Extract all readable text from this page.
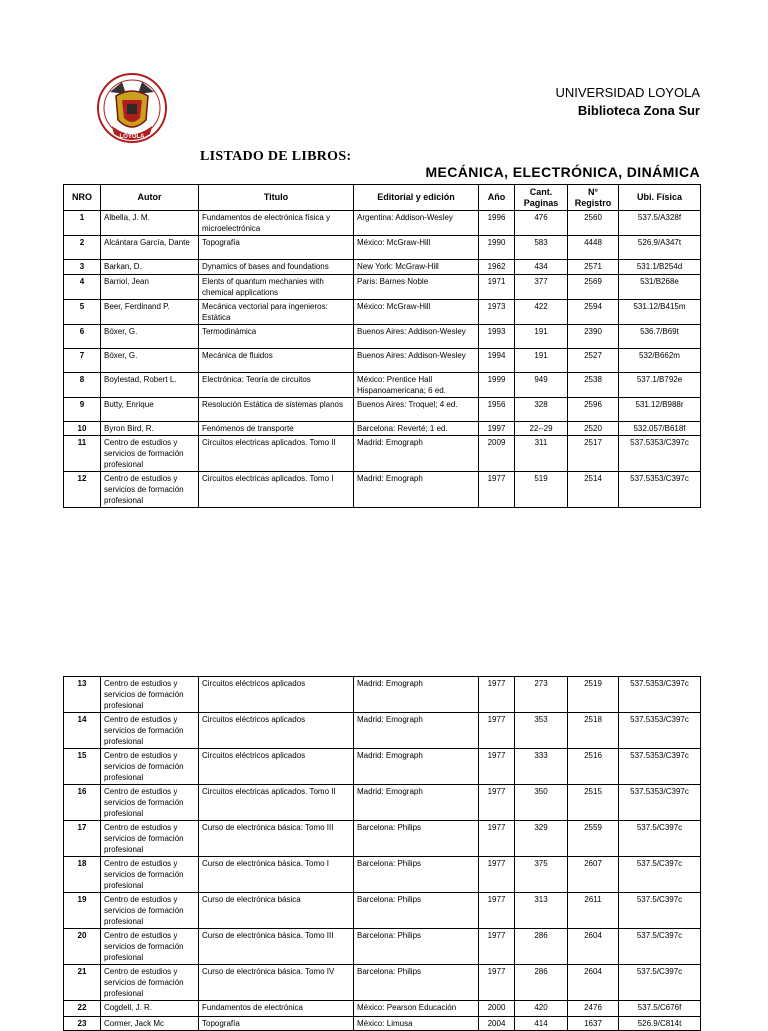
LOYOLA
UNIVERSIDAD LOYOLA
Biblioteca Zona Sur
LISTADO DE LIBROS:
MECÁNICA, ELECTRÓNICA, DINÁMICA
NRO	Autor	Titulo	Editorial y edición	Año	Cant. Paginas	N° Registro	Ubi. Física
1	Albella, J. M.	Fundamentos de electrónica física y microelectrónica	Argentina: Addison-Wesley	1996	476	2560	537.5/A328f
2	Alcántara García, Dante	Topografía	México: McGraw-Hill	1990	583	4448	526.9/A347t
3	Barkan, D.	Dynamics of bases and foundations	New York: McGraw-Hill	1962	434	2571	531.1/B254d
4	Barriol, Jean	Elents of quantum mechanies with chemical applications	Paris: Barnes Noble	1971	377	2569	531/B268e
5	Beer, Ferdinand P.	Mecánica vectorial para ingenieros: Estática	México: McGraw-Hill	1973	422	2594	531.12/B415m
6	Bóxer, G.	Termodinámica	Buenos Aires: Addison-Wesley	1993	191	2390	536.7/B69t
7	Bóxer, G.	Mecánica de fluidos	Buenos Aires: Addison-Wesley	1994	191	2527	532/B662m
8	Boylestad, Robert L.	Electrónica: Teoría de circuitos	México: Prentice Hall Hispanoamericana; 6 ed.	1999	949	2538	537.1/B792e
9	Butty, Enrique	Resolución Estática de sistemas planos	Buenos Aires: Troquel; 4 ed.	1956	328	2596	531.12/B988r
10	Byron Bird, R.	Fenómenos de transporte	Barcelona: Reverté; 1 ed.	1997	22--29	2520	532.057/B618f
11	Centro de estudios y servicios de formación profesional	Circuitos electricas aplicados. Tomo II	Madrid: Emograph	2009	311	2517	537.5353/C397c
12	Centro de estudios y servicios de formación profesional	Circuitos electricas aplicados. Tomo I	Madrid: Emograph	1977	519	2514	537.5353/C397c
13	Centro de estudios y servicios de formación profesional	Circuitos eléctricos aplicados	Madrid: Emograph	1977	273	2519	537.5353/C397c
14	Centro de estudios y servicios de formación profesional	Circuitos eléctricos aplicados	Madrid: Emograph	1977	353	2518	537.5353/C397c
15	Centro de estudios y servicios de formación profesional	Circuitos eléctricos aplicados	Madrid: Emograph	1977	333	2516	537.5353/C397c
16	Centro de estudios y servicios de formación profesional	Circuitos electricas aplicados. Tomo II	Madrid: Emograph	1977	350	2515	537.5353/C397c
17	Centro de estudios y servicios de formación profesional	Curso de electrónica básica: Tomo III	Barcelona: Philips	1977	329	2559	537.5/C397c
18	Centro de estudios y servicios de formación profesional	Curso de electrónica básica. Tomo I	Barcelona: Philips	1977	375	2607	537.5/C397c
19	Centro de estudios y servicios de formación profesional	Curso de electrónica básica	Barcelona: Philips	1977	313	2611	537.5/C397c
20	Centro de estudios y servicios de formación profesional	Curso de electrónica básica. Tomo III	Barcelona: Philips	1977	286	2604	537.5/C397c
21	Centro de estudios y servicios de formación profesional	Curso de electrónica básica. Tomo IV	Barcelona: Philips	1977	286	2604	537.5/C397c
22	Cogdell, J. R.	Fundamentos de electrónica	México: Pearson Educación	2000	420	2476	537.5/C676f
23	Cormer, Jack Mc	Topografía	México: Limusa	2004	414	1637	526.9/C814t
